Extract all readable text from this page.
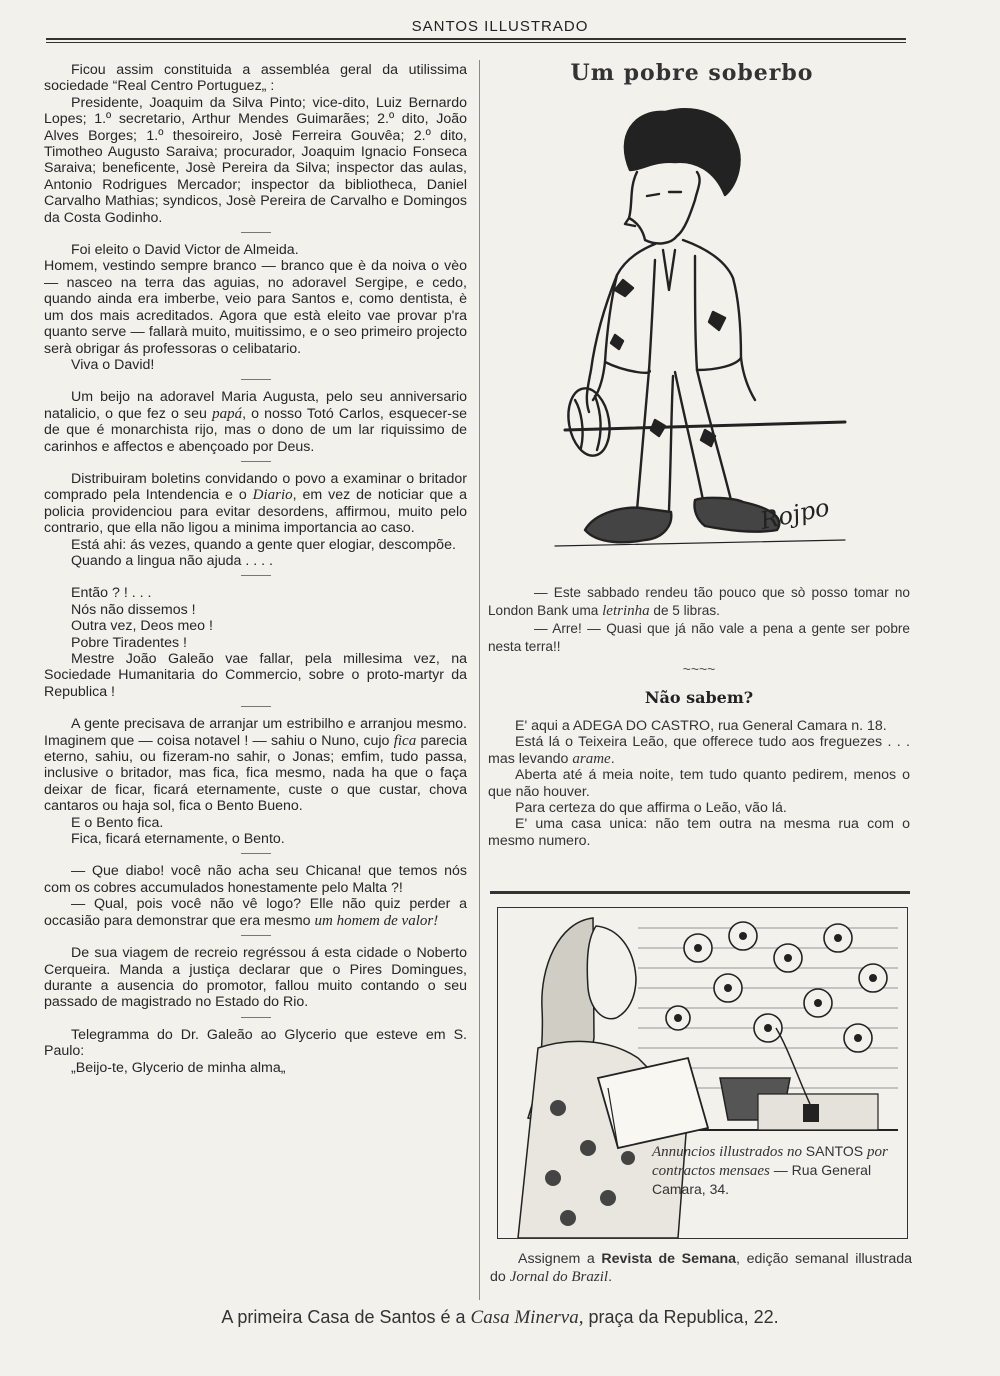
SANTOS ILLUSTRADO

Ficou assim constituida a assembléa geral da utilissima sociedade “Real Centro Portuguez„ :

Presidente, Joaquim da Silva Pinto; vice-dito, Luiz Bernardo Lopes; 1.º secretario, Arthur Mendes Guimarães; 2.º dito, João Alves Borges; 1.º thesoireiro, Josè Ferreira Gouvêa; 2.º dito, Timotheo Augusto Saraiva; procurador, Joaquim Ignacio Fonseca Saraiva; beneficente, Josè Pereira da Silva; inspector das aulas, Antonio Rodrigues Mercador; inspector da bibliotheca, Daniel Carvalho Mathias; syndicos, Josè Pereira de Carvalho e Domingos da Costa Godinho.

Foi eleito o David Victor de Almeida.

Homem, vestindo sempre branco — branco que è da noiva o vèo — nasceo na terra das aguias, no adoravel Sergipe, e cedo, quando ainda era imberbe, veio para Santos e, como dentista, è um dos mais acreditados. Agora que està eleito vae provar p'ra quanto serve — fallarà muito, muitissimo, e o seo primeiro projecto serà obrigar ás professoras o celibatario.

Viva o David!

Um beijo na adoravel Maria Augusta, pelo seu anniversario natalicio, o que fez o seu papá, o nosso Totó Carlos, esquecer-se de que é monarchista rijo, mas o dono de um lar riquissimo de carinhos e affectos e abençoado por Deus.

Distribuiram boletins convidando o povo a examinar o britador comprado pela Intendencia e o Diario, em vez de noticiar que a policia providenciou para evitar desordens, affirmou, muito pelo contrario, que ella não ligou a minima importancia ao caso.

Está ahi: ás vezes, quando a gente quer elogiar, descompõe.

Quando a lingua não ajuda . . . .

Então ? ! . . .

Nós não dissemos !

Outra vez, Deos meo !

Pobre Tiradentes !

Mestre João Galeão vae fallar, pela millesima vez, na Sociedade Humanitaria do Commercio, sobre o proto-martyr da Republica !

A gente precisava de arranjar um estribilho e arranjou mesmo. Imaginem que — coisa notavel ! — sahiu o Nuno, cujo fica parecia eterno, sahiu, ou fizeram-no sahir, o Jonas; emfim, tudo passa, inclusive o britador, mas fica, fica mesmo, nada ha que o faça deixar de ficar, ficará eternamente, custe o que custar, chova cantaros ou haja sol, fica o Bento Bueno.

E o Bento fica.

Fica, ficará eternamente, o Bento.

— Que diabo! você não acha seu Chicana! que temos nós com os cobres accumulados honestamente pelo Malta ?!

— Qual, pois você não vê logo? Elle não quiz perder a occasião para demonstrar que era mesmo um homem de valor!

De sua viagem de recreio regréssou á esta cidade o Noberto Cerqueira. Manda a justiça declarar que o Pires Domingues, durante a ausencia do promotor, fallou muito contando o seu passado de magistrado no Estado do Rio.

Telegramma do Dr. Galeão ao Glycerio que esteve em S. Paulo:

„Beijo-te, Glycerio de minha alma„

Um pobre soberbo
Rojpo

— Este sabbado rendeu tão pouco que sò posso tomar no London Bank uma letrinha de 5 libras.

— Arre! — Quasi que já não vale a pena a gente ser pobre nesta terra!!

~~~~
Não sabem?

E' aqui a ADEGA DO CASTRO, rua General Camara n. 18.

Está lá o Teixeira Leão, que offerece tudo aos freguezes . . . mas levando arame.

Aberta até á meia noite, tem tudo quanto pedirem, menos o que não houver.

Para certeza do que affirma o Leão, vão lá.

E' uma casa unica: não tem outra na mesma rua com o mesmo numero.

Annuncios illustrados no SANTOS por contractos mensaes — Rua General Camara, 34.
Assignem a Revista de Semana, edição semanal illustrada do Jornal do Brazil.
A primeira Casa de Santos é a Casa Minerva, praça da Republica, 22.
